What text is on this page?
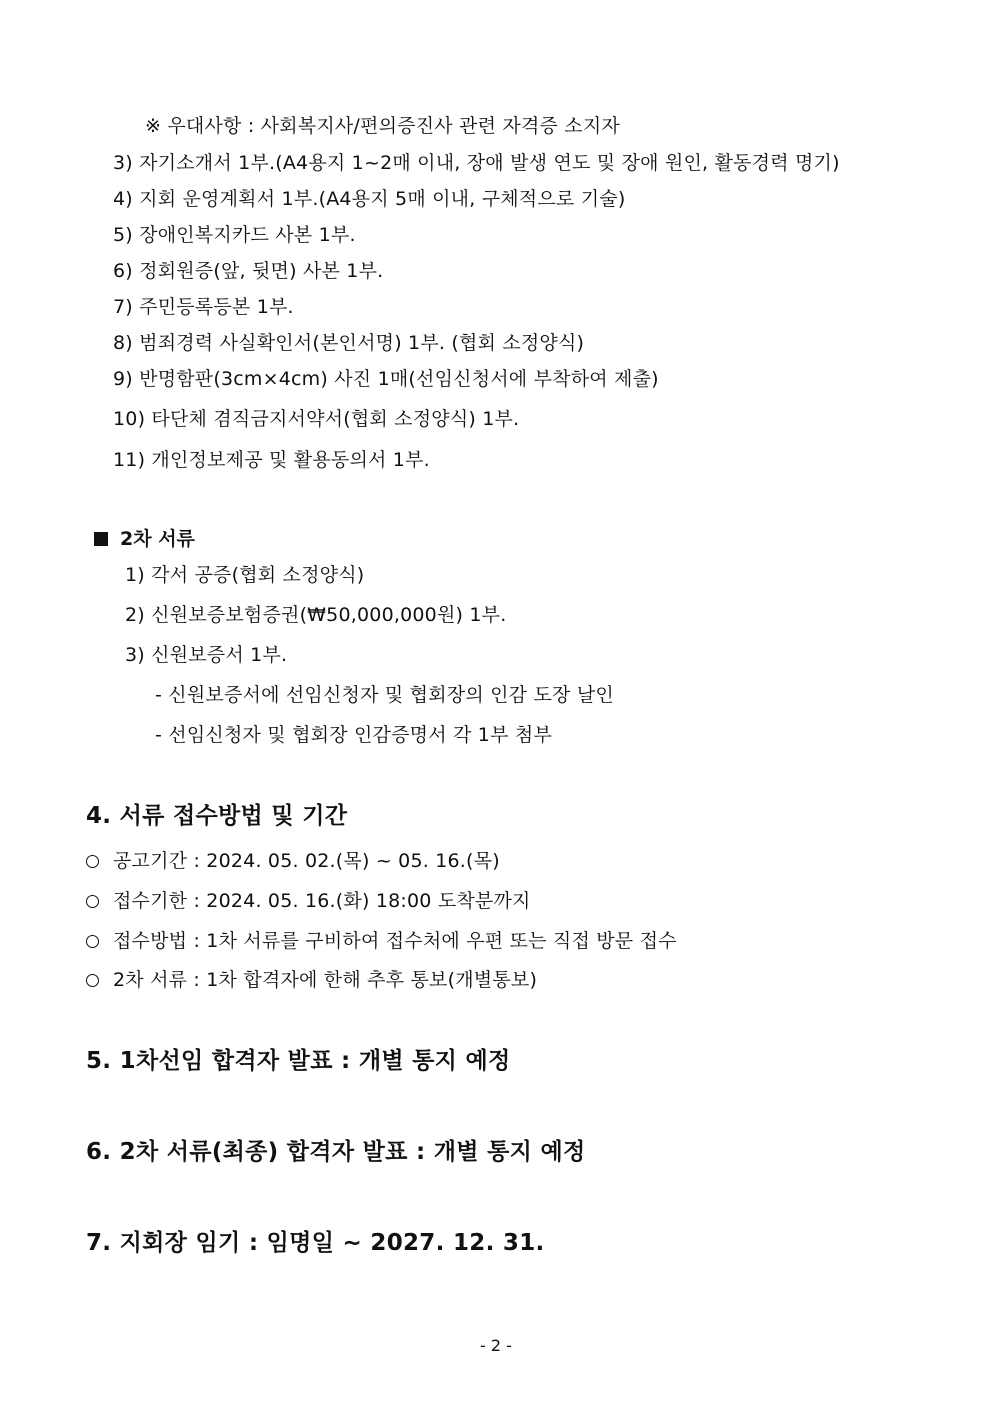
※ 우대사항 : 사회복지사/편의증진사 관련 자격증 소지자
3) 자기소개서 1부.(A4용지 1~2매 이내, 장애 발생 연도 및 장애 원인, 활동경력 명기)
4) 지회 운영계획서 1부.(A4용지 5매 이내, 구체적으로 기술)
5) 장애인복지카드 사본 1부.
6) 정회원증(앞, 뒷면) 사본 1부.
7) 주민등록등본 1부.
8) 범죄경력 사실확인서(본인서명) 1부. (협회 소정양식)
9) 반명함판(3cm×4cm) 사진 1매(선임신청서에 부착하여 제출)
10) 타단체 겸직금지서약서(협회 소정양식) 1부.
11) 개인정보제공 및 활용동의서 1부.
2차 서류
1) 각서 공증(협회 소정양식)
2) 신원보증보험증권(₩50,000,000원) 1부.
3) 신원보증서 1부.
- 신원보증서에 선임신청자 및 협회장의 인감 도장 날인
- 선임신청자 및 협회장 인감증명서 각 1부 첨부
4. 서류 접수방법 및 기간
공고기간 : 2024. 05. 02.(목) ~ 05. 16.(목)
접수기한 : 2024. 05. 16.(화) 18:00 도착분까지
접수방법 : 1차 서류를 구비하여 접수처에 우편 또는 직접 방문 접수
2차 서류 : 1차 합격자에 한해 추후 통보(개별통보)
5. 1차선임 합격자 발표 : 개별 통지 예정
6. 2차 서류(최종) 합격자 발표 : 개별 통지 예정
7. 지회장 임기 : 임명일 ~ 2027. 12. 31.
- 2 -
